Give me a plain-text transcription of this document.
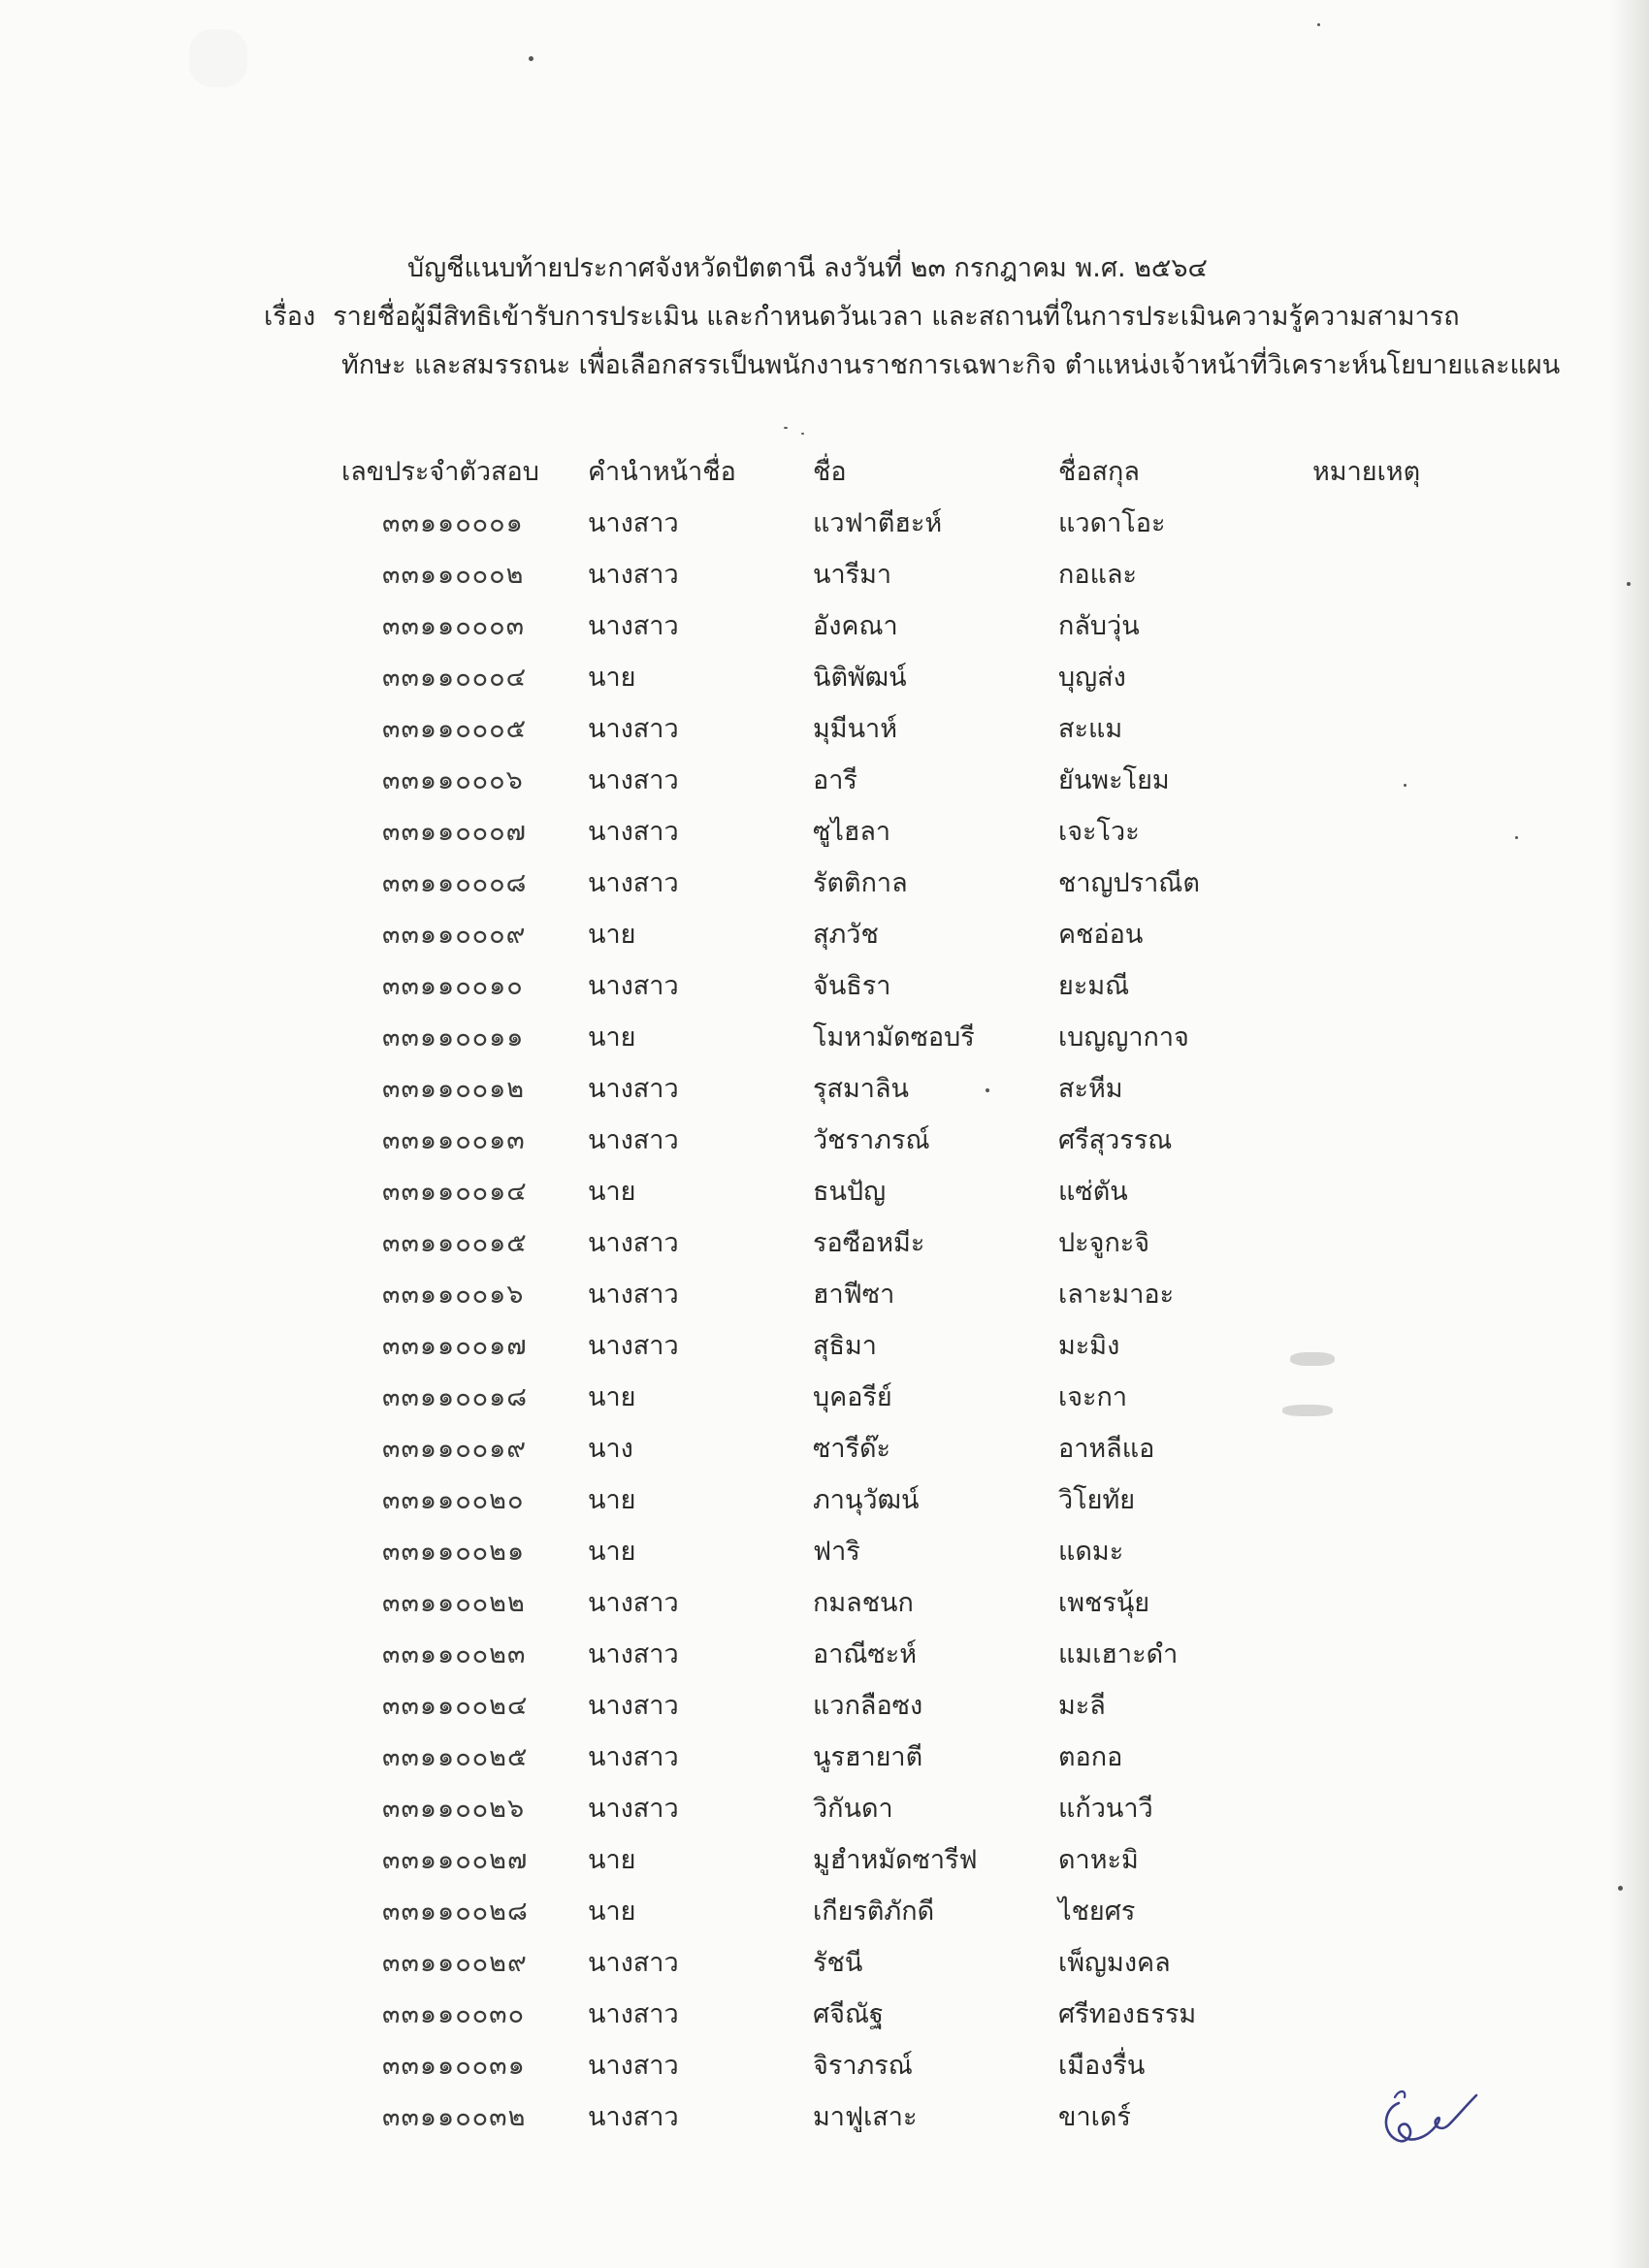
บัญชีแนบท้ายประกาศจังหวัดปัตตานี ลงวันที่ ๒๓ กรกฎาคม พ.ศ. ๒๕๖๔
เรื่อง รายชื่อผู้มีสิทธิเข้ารับการประเมิน และกำหนดวันเวลา และสถานที่ในการประเมินความรู้ความสามารถ
ทักษะ และสมรรถนะ เพื่อเลือกสรรเป็นพนักงานราชการเฉพาะกิจ ตำแหน่งเจ้าหน้าที่วิเคราะห์นโยบายและแผน
เลขประจำตัวสอบ คำนำหน้าชื่อ	ชื่อ	ชื่อสกุล	หมายเหตุ
๓๓๑๑๐๐๐๑ นางสาว	แวฟาตีฮะห์	แวดาโอะ
๓๓๑๑๐๐๐๒ นางสาว	นารีมา	กอและ
๓๓๑๑๐๐๐๓ นางสาว	อังคณา	กลับวุ่น
๓๓๑๑๐๐๐๔ นาย	นิติพัฒน์	บุญส่ง
๓๓๑๑๐๐๐๕ นางสาว	มุมีนาห์	สะแม
๓๓๑๑๐๐๐๖ นางสาว	อารี	ยันพะโยม
๓๓๑๑๐๐๐๗ นางสาว	ซูไฮลา	เจะโวะ
๓๓๑๑๐๐๐๘ นางสาว	รัตติกาล	ชาญปราณีต
๓๓๑๑๐๐๐๙ นาย	สุภวัช	คชอ่อน
๓๓๑๑๐๐๑๐ นางสาว	จันธิรา	ยะมณี
๓๓๑๑๐๐๑๑ นาย	โมหามัดซอบรี	เบญญากาจ
๓๓๑๑๐๐๑๒ นางสาว	รุสมาลิน	สะหีม
๓๓๑๑๐๐๑๓ นางสาว	วัชราภรณ์	ศรีสุวรรณ
๓๓๑๑๐๐๑๔ นาย	ธนปัญ	แซ่ตัน
๓๓๑๑๐๐๑๕ นางสาว	รอซือหมีะ	ปะจูกะจิ
๓๓๑๑๐๐๑๖ นางสาว	ฮาฟีซา	เลาะมาอะ
๓๓๑๑๐๐๑๗ นางสาว	สุธิมา	มะมิง
๓๓๑๑๐๐๑๘ นาย	บุคอรีย์	เจะกา
๓๓๑๑๐๐๑๙ นาง	ซารีด๊ะ	อาหลีแอ
๓๓๑๑๐๐๒๐ นาย	ภานุวัฒน์	วิโยทัย
๓๓๑๑๐๐๒๑ นาย	ฟาริ	แดมะ
๓๓๑๑๐๐๒๒ นางสาว	กมลชนก	เพชรนุ้ย
๓๓๑๑๐๐๒๓ นางสาว	อาณีซะห์	แมเฮาะดำ
๓๓๑๑๐๐๒๔ นางสาว	แวกลือซง	มะลี
๓๓๑๑๐๐๒๕ นางสาว	นูรฮายาตี	ตอกอ
๓๓๑๑๐๐๒๖ นางสาว	วิกันดา	แก้วนาวี
๓๓๑๑๐๐๒๗ นาย	มูฮำหมัดซารีฟ	ดาหะมิ
๓๓๑๑๐๐๒๘ นาย	เกียรติภักดี	ไชยศร
๓๓๑๑๐๐๒๙ นางสาว	รัชนี	เพ็ญมงคล
๓๓๑๑๐๐๓๐ นางสาว	ศจีณัฐ	ศรีทองธรรม
๓๓๑๑๐๐๓๑ นางสาว	จิราภรณ์	เมืองรื่น
๓๓๑๑๐๐๓๒ นางสาว	มาฟูเสาะ	ขาเดร์
